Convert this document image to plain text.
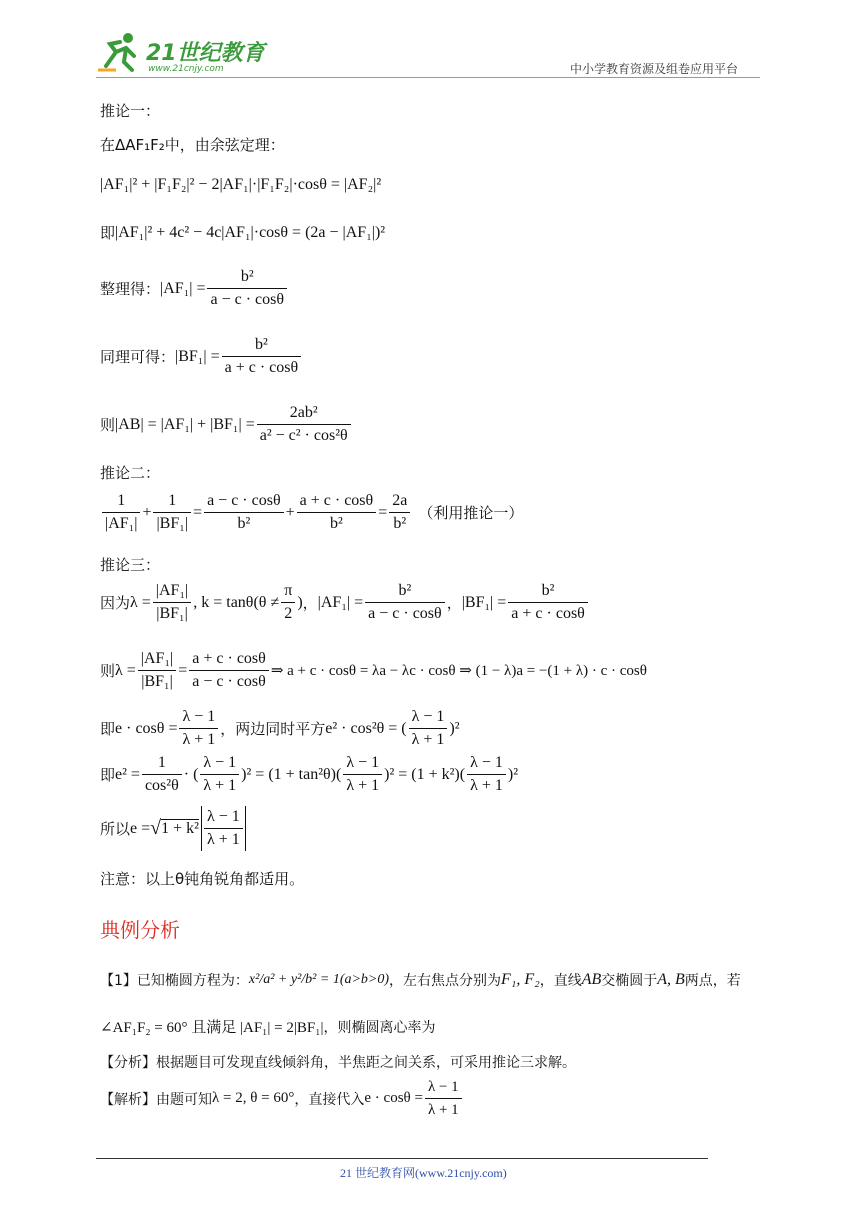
21世纪教育
www.21cnjy.com	中小学教育资源及组卷应用平台
推论一：
在ΔAF₁F₂中，由余弦定理：
|AF₁|² + |F₁F₂|² − 2|AF₁|·|F₁F₂|·cosθ = |AF₂|²
即 |AF₁|² + 4c² − 4c|AF₁|·cosθ = (2a − |AF₁|)²
整理得： $|AF_1| = \frac{\text{b²}}{a - c \cdot \cos\theta}$
同理可得： $|BF_1| = \frac{\text{b²}}{a + c \cdot \cos\theta}$
则 $|AB| = |AF_1| + |BF_1| = \frac{\text{2ab²}}{\text{a² − c² · cos²θ}}$
推论二：
$\frac{1}{\text{|AF₁|}} + \frac{1}{\text{|BF₁|}} = \frac{a - c \cdot \cos\theta}{\text{b²}} + \frac{a + c \cdot \cos\theta}{\text{b²}} = \frac{2a}{\text{b²}}$ （利用推论一）
推论三：
因为 $\lambda = \frac{\text{|AF₁|}}{\text{|BF₁|}}$ , $k = \tan\theta(\theta \ne \frac{\pi}{2}$ ) ， $|AF_1| = \frac{\text{b²}}{a - c \cdot \cos\theta}$ ， $|BF_1| = \frac{\text{b²}}{a + c \cdot \cos\theta}$
则 $\lambda = \frac{\text{|AF₁|}}{\text{|BF₁|}} = \frac{a + c \cdot \cos\theta}{a - c \cdot \cos\theta}$ ⇒ a + c · cosθ = λa − λc · cosθ ⇒ (1 − λ)a = −(1 + λ) · c · cosθ
即 $e \cdot \cos\theta = \frac{\lambda - 1}{\lambda + 1}$ ，两边同时平方 e² · cos²θ = ( $\frac{\lambda - 1}{\lambda + 1} )^2$
即 $e^2 = \frac{1}{\text{cos²θ}}$ · ( $\frac{\lambda - 1}{\lambda + 1} )^2 = (1 + \tan^2\theta)( \frac{\lambda - 1}{\lambda + 1} )^2 = (1 + k^2)( \frac{\lambda - 1}{\lambda + 1} )^2$
所以 e = √ $1 + k^2 \frac{\lambda - 1}{\lambda + 1}$
注意：以上θ钝角锐角都适用。
典例分析
【1】 已知椭圆方程为： x²/a² + y²/b² = 1(a>b>0) ，左右焦点分别为 F₁, F₂ ，直线 AB 交椭圆于 A, B 两点，若
∠AF₁F₂ = 60° 且满足 |AF₁| = 2|BF₁| ，则椭圆离心率为
【分析】 根据题目可发现直线倾斜角，半焦距之间关系，可采用推论三求解。
【解析】 由题可知 λ = 2, θ = 60° ，直接代入 $e \cdot \cos\theta = \frac{\lambda - 1}{\lambda + 1}$
21 世纪教育网(www.21cnjy.com)
